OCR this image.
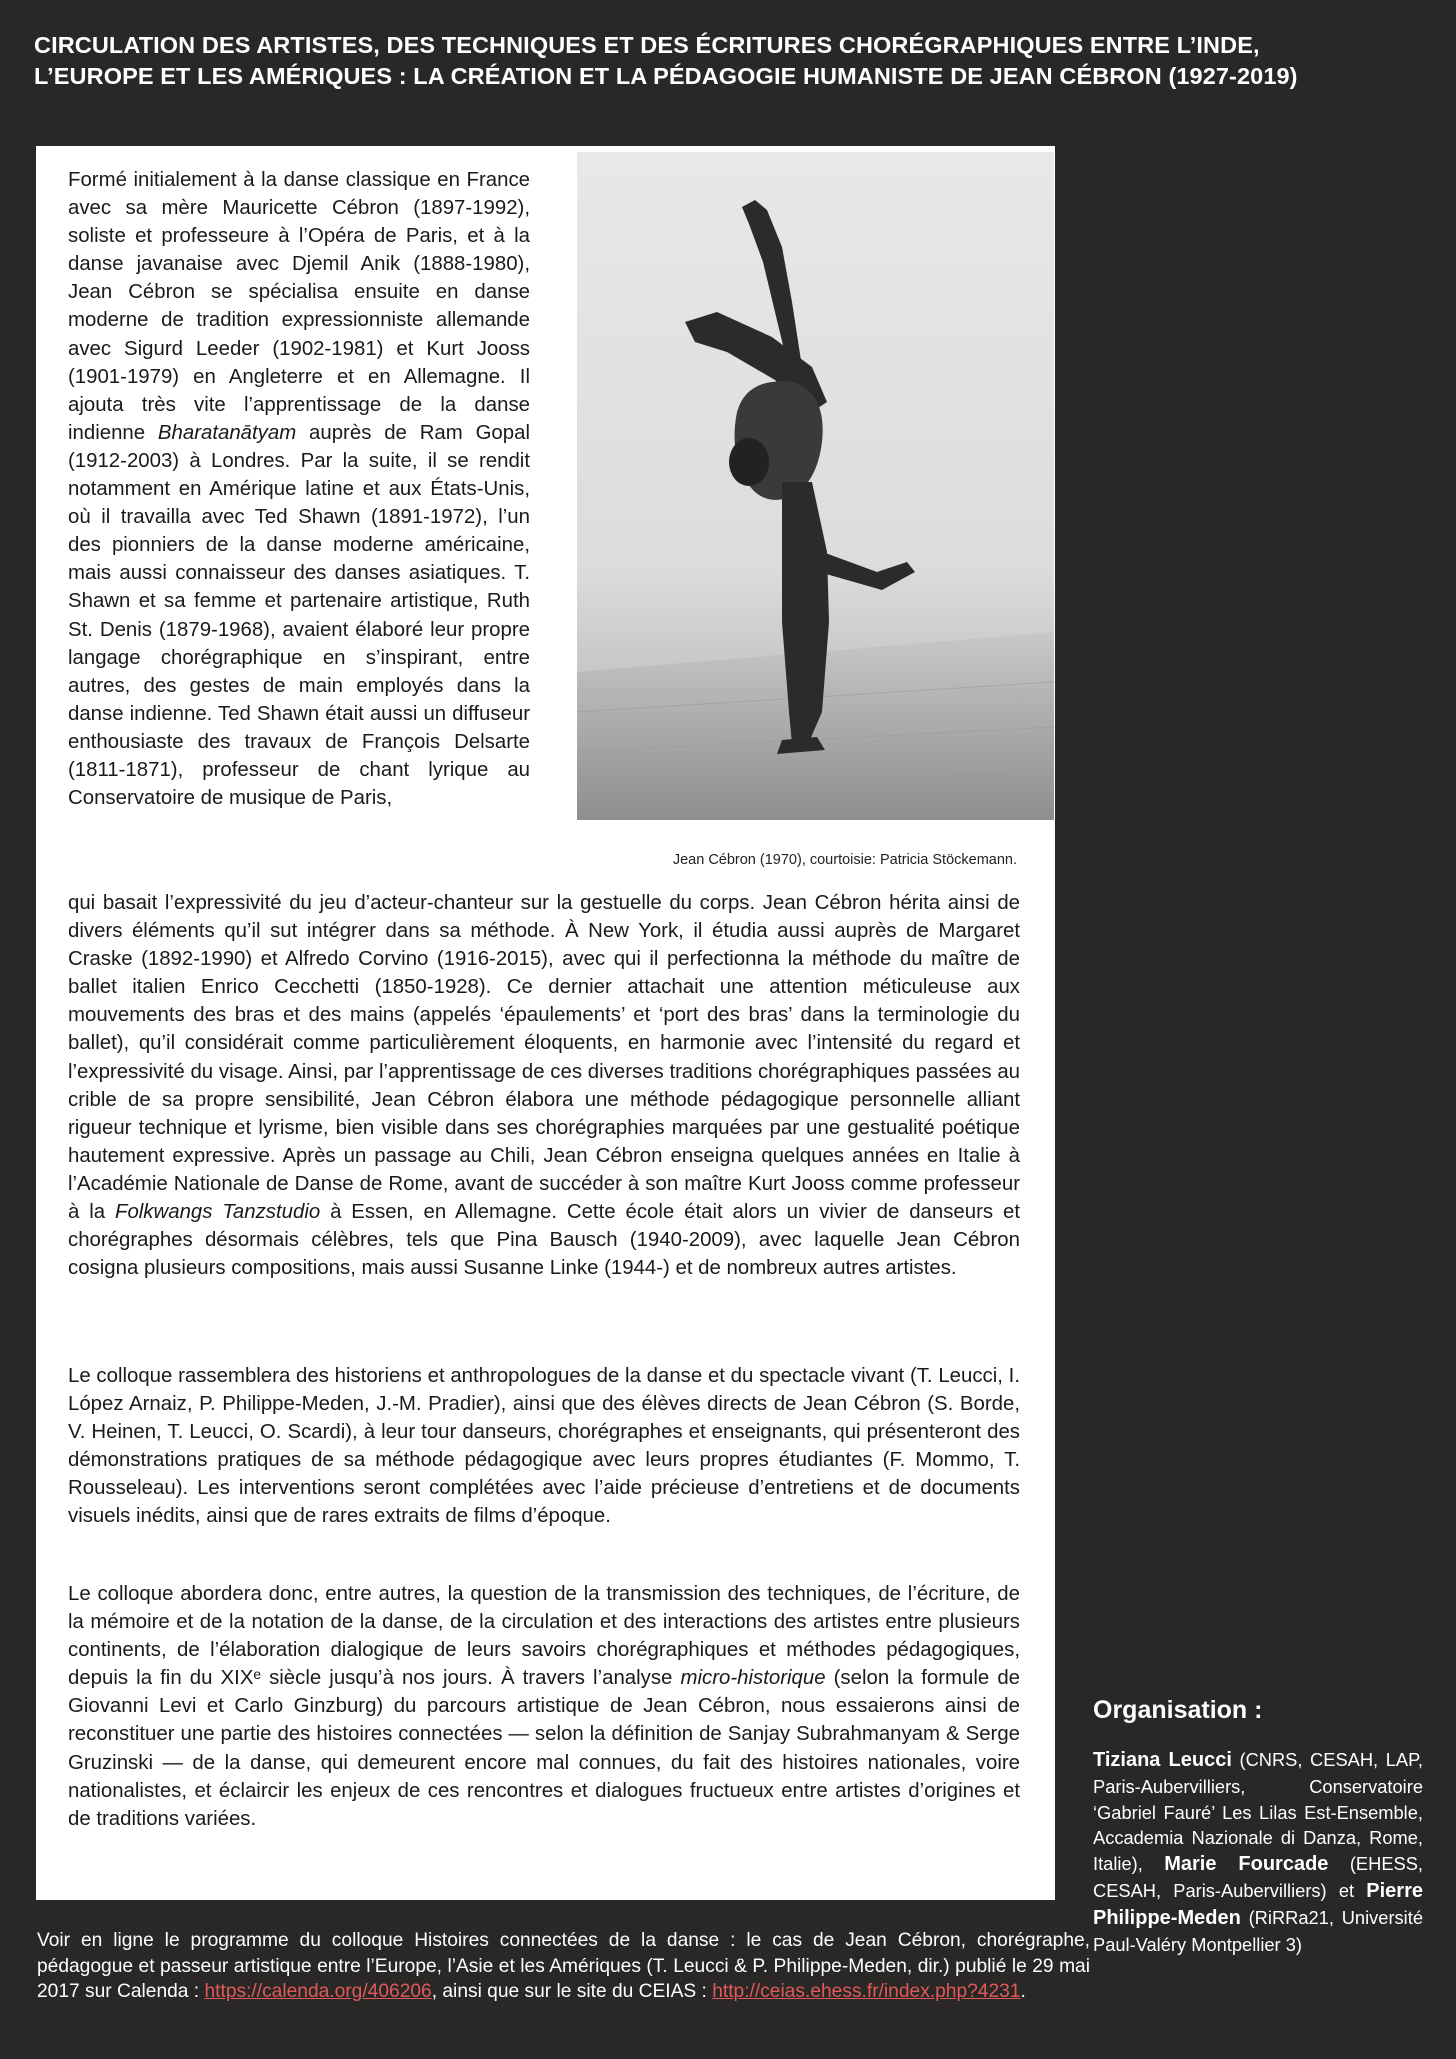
CIRCULATION DES ARTISTES, DES TECHNIQUES ET DES ÉCRITURES CHORÉGRAPHIQUES ENTRE L’INDE,
L’EUROPE ET LES AMÉRIQUES : LA CRÉATION ET LA PÉDAGOGIE HUMANISTE DE JEAN CÉBRON (1927-2019)
Jean Cébron (1970), courtoisie: Patricia Stöckemann.

Formé initialement à la danse classique en France avec sa mère Mauricette Cébron (1897-1992), soliste et professeure à l’Opéra de Paris, et à la danse javanaise avec Djemil Anik (1888-1980), Jean Cébron se spécialisa ensuite en danse moderne de tradition expressionniste allemande avec Sigurd Leeder (1902-1981) et Kurt Jooss (1901-1979) en Angleterre et en Allemagne. Il ajouta très vite l’apprentissage de la danse indienne Bharatanātyam auprès de Ram Gopal (1912-2003) à Londres. Par la suite, il se rendit notamment en Amérique latine et aux États-Unis, où il travailla avec Ted Shawn (1891-1972), l’un des pionniers de la danse moderne américaine, mais aussi connaisseur des danses asiatiques. T. Shawn et sa femme et partenaire artistique, Ruth St. Denis (1879-1968), avaient élaboré leur propre langage chorégraphique en s’inspirant, entre autres, des gestes de main employés dans la danse indienne. Ted Shawn était aussi un diffuseur enthousiaste des travaux de François Delsarte (1811-1871), professeur de chant lyrique au Conservatoire de musique de Paris,

qui basait l’expressivité du jeu d’acteur-chanteur sur la gestuelle du corps. Jean Cébron hérita ainsi de divers éléments qu’il sut intégrer dans sa méthode. À New York, il étudia aussi auprès de Margaret Craske (1892-1990) et Alfredo Corvino (1916-2015), avec qui il perfectionna la méthode du maître de ballet italien Enrico Cecchetti (1850-1928). Ce dernier attachait une attention méticuleuse aux mouvements des bras et des mains (appelés ‘épaulements’ et ‘port des bras’ dans la terminologie du ballet), qu’il considérait comme particulièrement éloquents, en harmonie avec l’intensité du regard et l’expressivité du visage. Ainsi, par l’apprentissage de ces diverses traditions chorégraphiques passées au crible de sa propre sensibilité, Jean Cébron élabora une méthode pédagogique personnelle alliant rigueur technique et lyrisme, bien visible dans ses chorégraphies marquées par une gestualité poétique hautement expressive. Après un passage au Chili, Jean Cébron enseigna quelques années en Italie à l’Académie Nationale de Danse de Rome, avant de succéder à son maître Kurt Jooss comme professeur à la Folkwangs Tanzstudio à Essen, en Allemagne. Cette école était alors un vivier de danseurs et chorégraphes désormais célèbres, tels que Pina Bausch (1940-2009), avec laquelle Jean Cébron cosigna plusieurs compositions, mais aussi Susanne Linke (1944-) et de nombreux autres artistes.

Le colloque rassemblera des historiens et anthropologues de la danse et du spectacle vivant (T. Leucci, I. López Arnaiz, P. Philippe-Meden, J.-M. Pradier), ainsi que des élèves directs de Jean Cébron (S. Borde, V. Heinen, T. Leucci, O. Scardi), à leur tour danseurs, chorégraphes et enseignants, qui présenteront des démonstrations pratiques de sa méthode pédagogique avec leurs propres étudiantes (F. Mommo, T. Rousseleau). Les interventions seront complétées avec l’aide précieuse d’entretiens et de documents visuels inédits, ainsi que de rares extraits de films d’époque.

Le colloque abordera donc, entre autres, la question de la transmission des techniques, de l’écriture, de la mémoire et de la notation de la danse, de la circulation et des interactions des artistes entre plusieurs continents, de l’élaboration dialogique de leurs savoirs chorégraphiques et méthodes pédagogiques, depuis la fin du XIXᵉ siècle jusqu’à nos jours. À travers l’analyse micro-historique (selon la formule de Giovanni Levi et Carlo Ginzburg) du parcours artistique de Jean Cébron, nous essaierons ainsi de reconstituer une partie des histoires connectées — selon la définition de Sanjay Subrahmanyam & Serge Gruzinski — de la danse, qui demeurent encore mal connues, du fait des histoires nationales, voire nationalistes, et éclaircir les enjeux de ces rencontres et dialogues fructueux entre artistes d’origines et de traditions variées.

Voir en ligne le programme du colloque Histoires connectées de la danse : le cas de Jean Cébron, chorégraphe, pédagogue et passeur artistique entre l’Europe, l’Asie et les Amériques (T. Leucci & P. Philippe-Meden, dir.) publié le 29 mai 2017 sur Calenda : https://calenda.org/406206, ainsi que sur le site du CEIAS : http://ceias.ehess.fr/index.php?4231.

Organisation :

Tiziana Leucci (CNRS, CESAH, LAP, Paris-Aubervilliers, Conservatoire ‘Gabriel Fauré’ Les Lilas Est-Ensemble, Accademia Nazionale di Danza, Rome, Italie), Marie Fourcade (EHESS, CESAH, Paris-Aubervilliers) et Pierre Philippe-Meden (RiRRa21, Université Paul-Valéry Montpellier 3)
